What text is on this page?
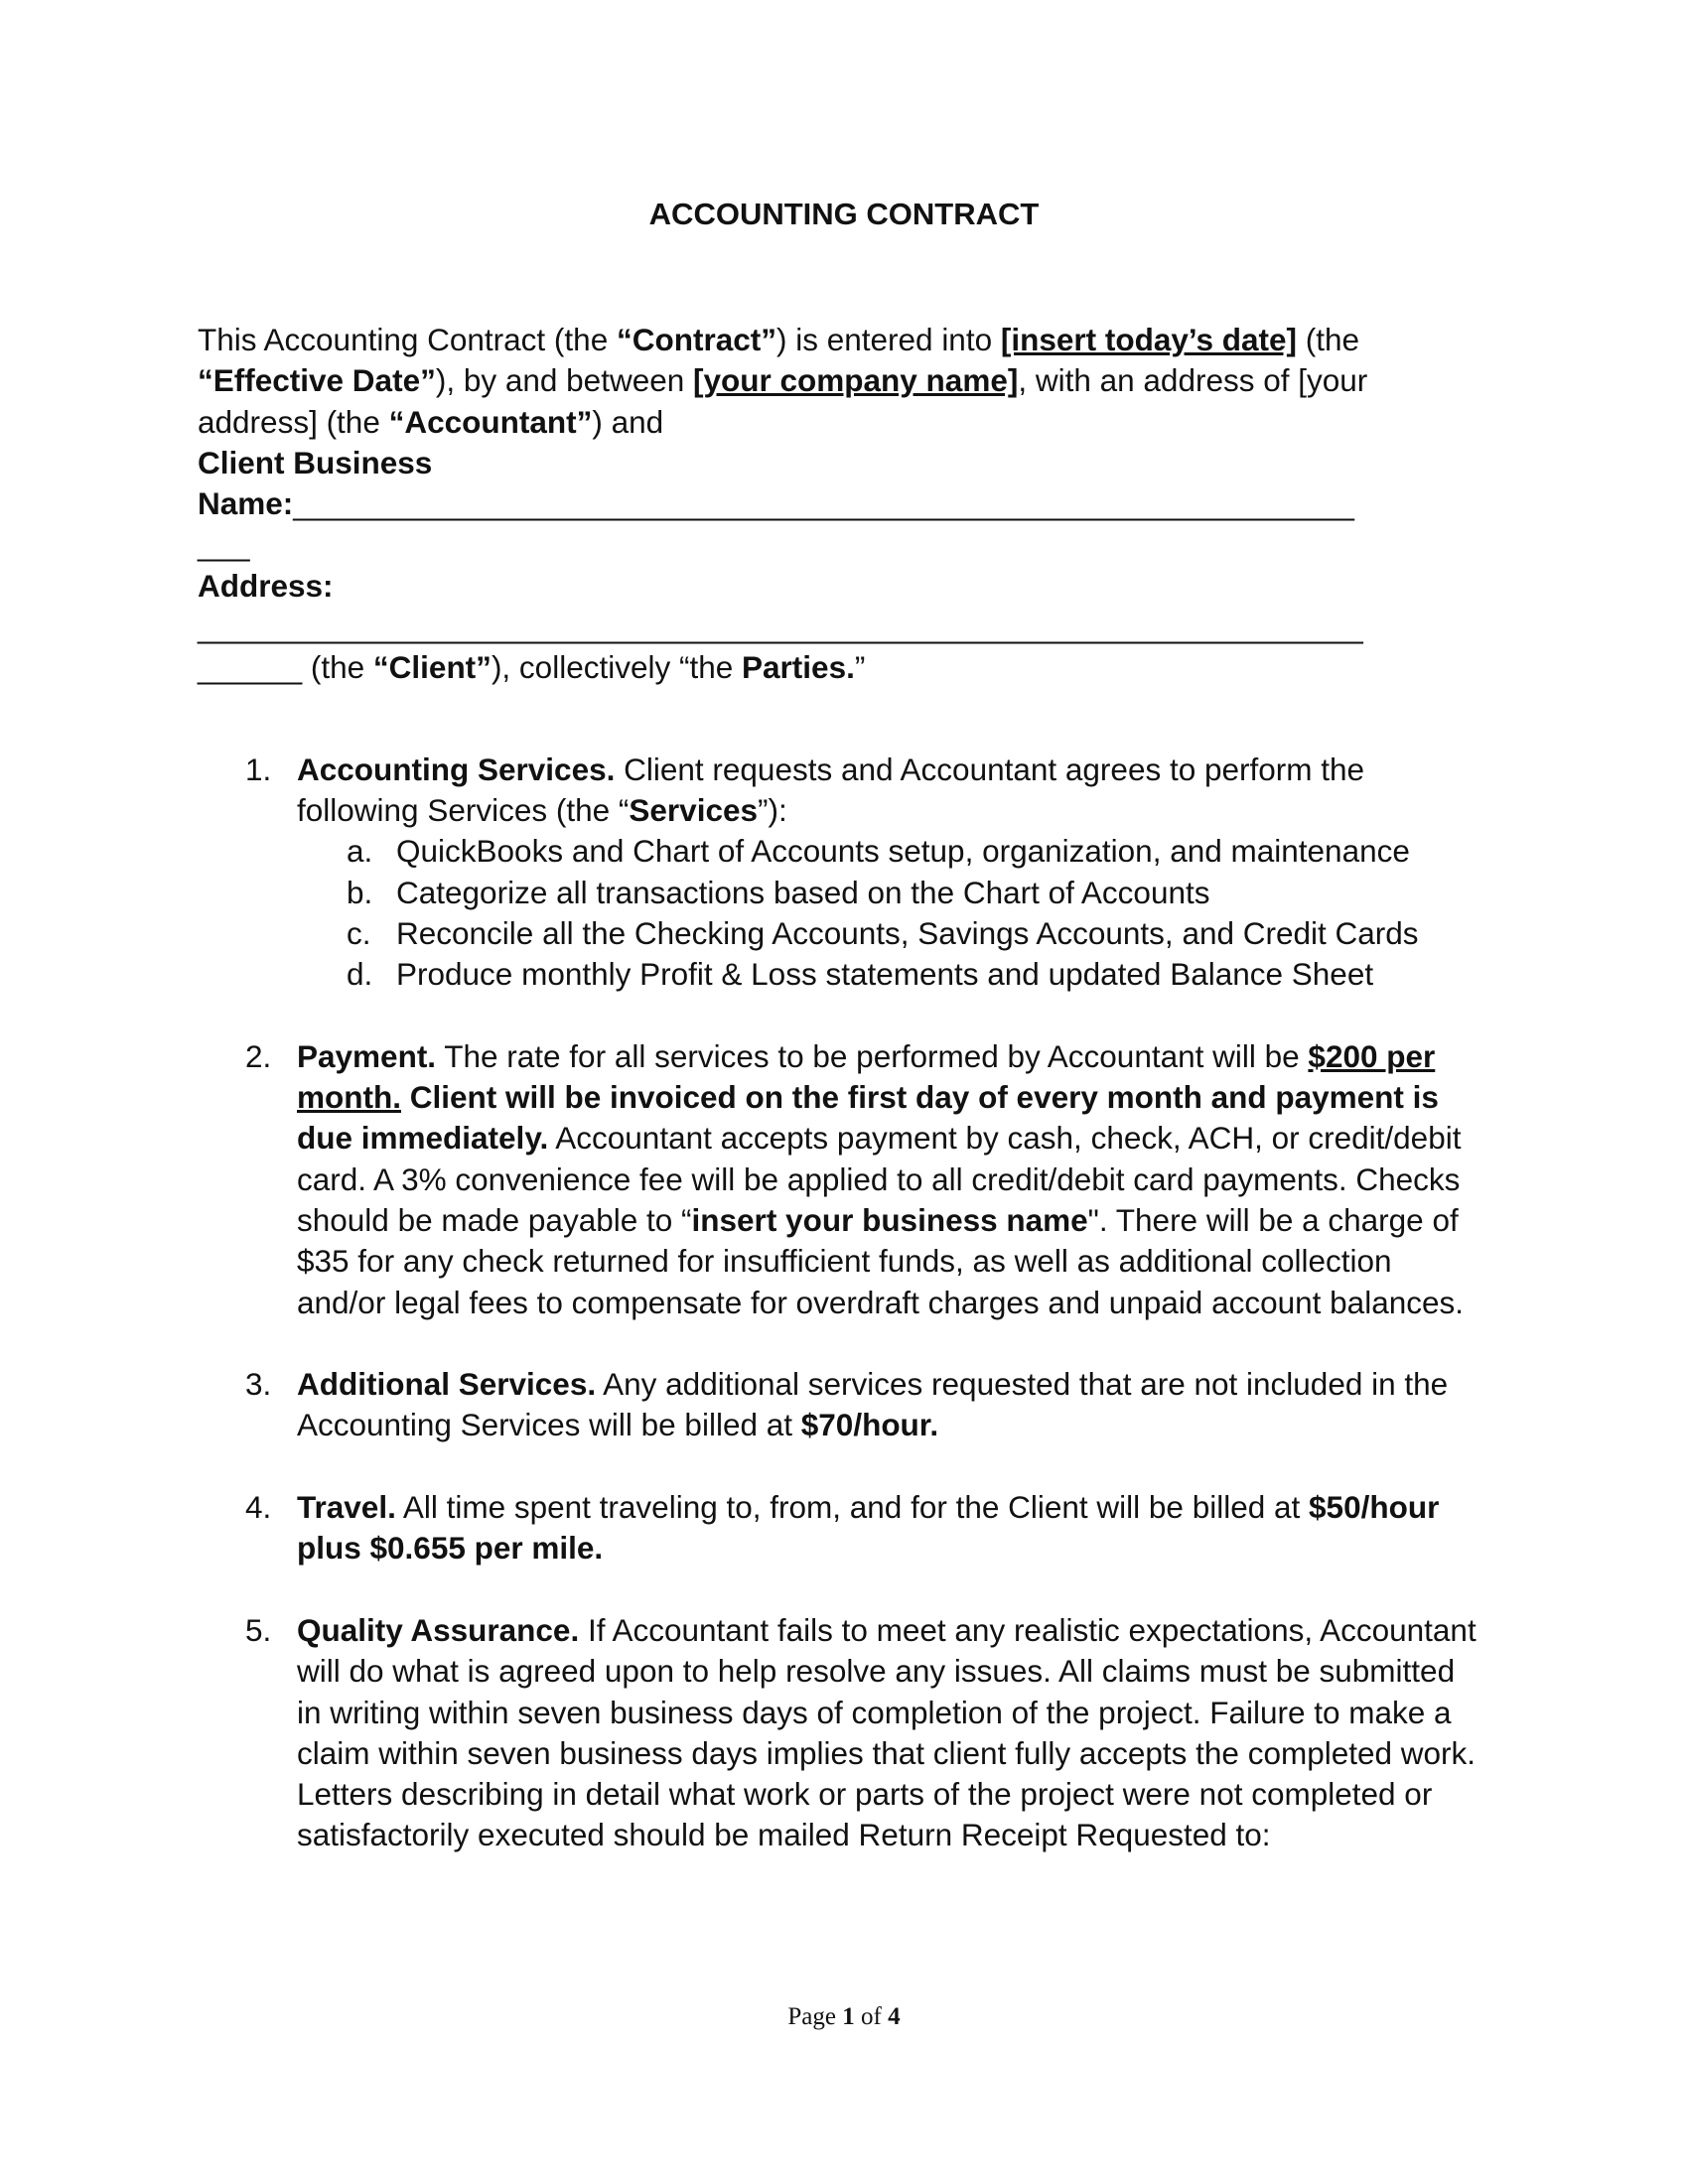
ACCOUNTING CONTRACT

This Accounting Contract (the “Contract”) is entered into [insert today’s date] (the “Effective Date”), by and between [your company name], with an address of [your address] (the “Accountant”) and

Client Business

Name:_____________________________________________________________

___

Address:

___________________________________________________________________

______ (the “Client”), collectively “the Parties.”

1. Accounting Services. Client requests and Accountant agrees to perform the following Services (the “Services”):

a. QuickBooks and Chart of Accounts setup, organization, and maintenance
b. Categorize all transactions based on the Chart of Accounts
c. Reconcile all the Checking Accounts, Savings Accounts, and Credit Cards
d. Produce monthly Profit & Loss statements and updated Balance Sheet
2. Payment. The rate for all services to be performed by Accountant will be $200 per month. Client will be invoiced on the first day of every month and payment is due immediately. Accountant accepts payment by cash, check, ACH, or credit/debit card. A 3% convenience fee will be applied to all credit/debit card payments. Checks should be made payable to “insert your business name". There will be a charge of $35 for any check returned for insufficient funds, as well as additional collection and/or legal fees to compensate for overdraft charges and unpaid account balances.

3. Additional Services. Any additional services requested that are not included in the Accounting Services will be billed at $70/hour.

4. Travel. All time spent traveling to, from, and for the Client will be billed at $50/hour plus $0.655 per mile.

5. Quality Assurance. If Accountant fails to meet any realistic expectations, Accountant will do what is agreed upon to help resolve any issues. All claims must be submitted in writing within seven business days of completion of the project. Failure to make a claim within seven business days implies that client fully accepts the completed work. Letters describing in detail what work or parts of the project were not completed or satisfactorily executed should be mailed Return Receipt Requested to:

Page 1 of 4
